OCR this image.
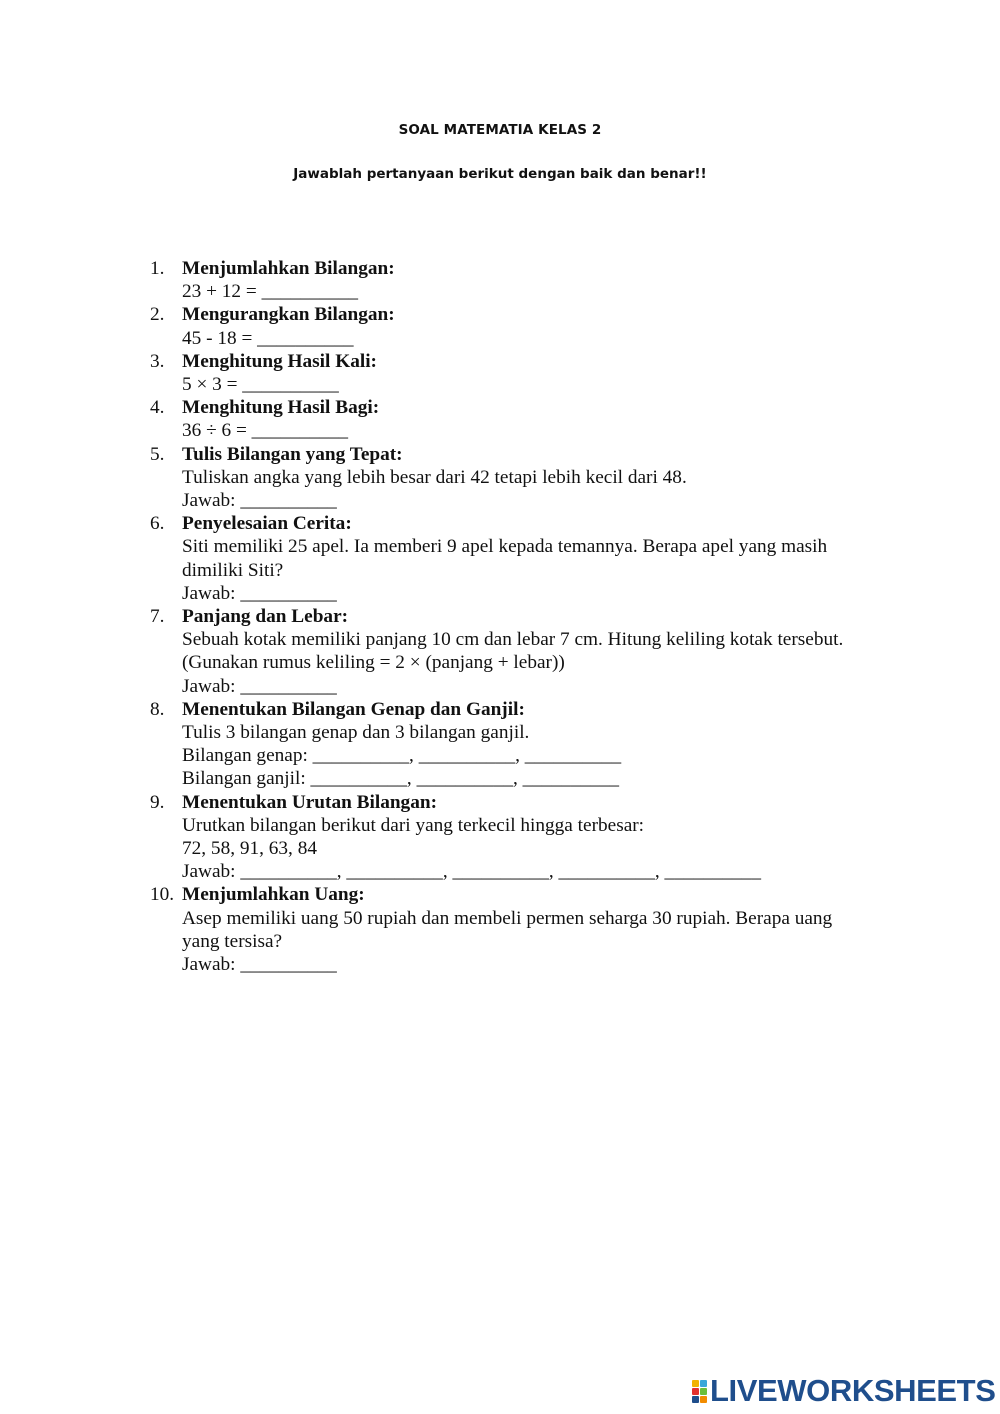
SOAL MATEMATIA KELAS 2
Jawablah pertanyaan berikut dengan baik dan benar!!
1. Menjumlahkan Bilangan:
23 + 12 = __________
2. Mengurangkan Bilangan:
45 - 18 = __________
3. Menghitung Hasil Kali:
5 × 3 = __________
4. Menghitung Hasil Bagi:
36 ÷ 6 = __________
5. Tulis Bilangan yang Tepat:
Tuliskan angka yang lebih besar dari 42 tetapi lebih kecil dari 48.
Jawab: __________
6. Penyelesaian Cerita:
Siti memiliki 25 apel. Ia memberi 9 apel kepada temannya. Berapa apel yang masih
dimiliki Siti?
Jawab: __________
7. Panjang dan Lebar:
Sebuah kotak memiliki panjang 10 cm dan lebar 7 cm. Hitung keliling kotak tersebut.
(Gunakan rumus keliling = 2 × (panjang + lebar))
Jawab: __________
8. Menentukan Bilangan Genap dan Ganjil:
Tulis 3 bilangan genap dan 3 bilangan ganjil.
Bilangan genap: __________, __________, __________
Bilangan ganjil: __________, __________, __________
9. Menentukan Urutan Bilangan:
Urutkan bilangan berikut dari yang terkecil hingga terbesar:
72, 58, 91, 63, 84
Jawab: __________, __________, __________, __________, __________
10. Menjumlahkan Uang:
Asep memiliki uang 50 rupiah dan membeli permen seharga 30 rupiah. Berapa uang
yang tersisa?
Jawab: __________
LIVEWORKSHEETS
